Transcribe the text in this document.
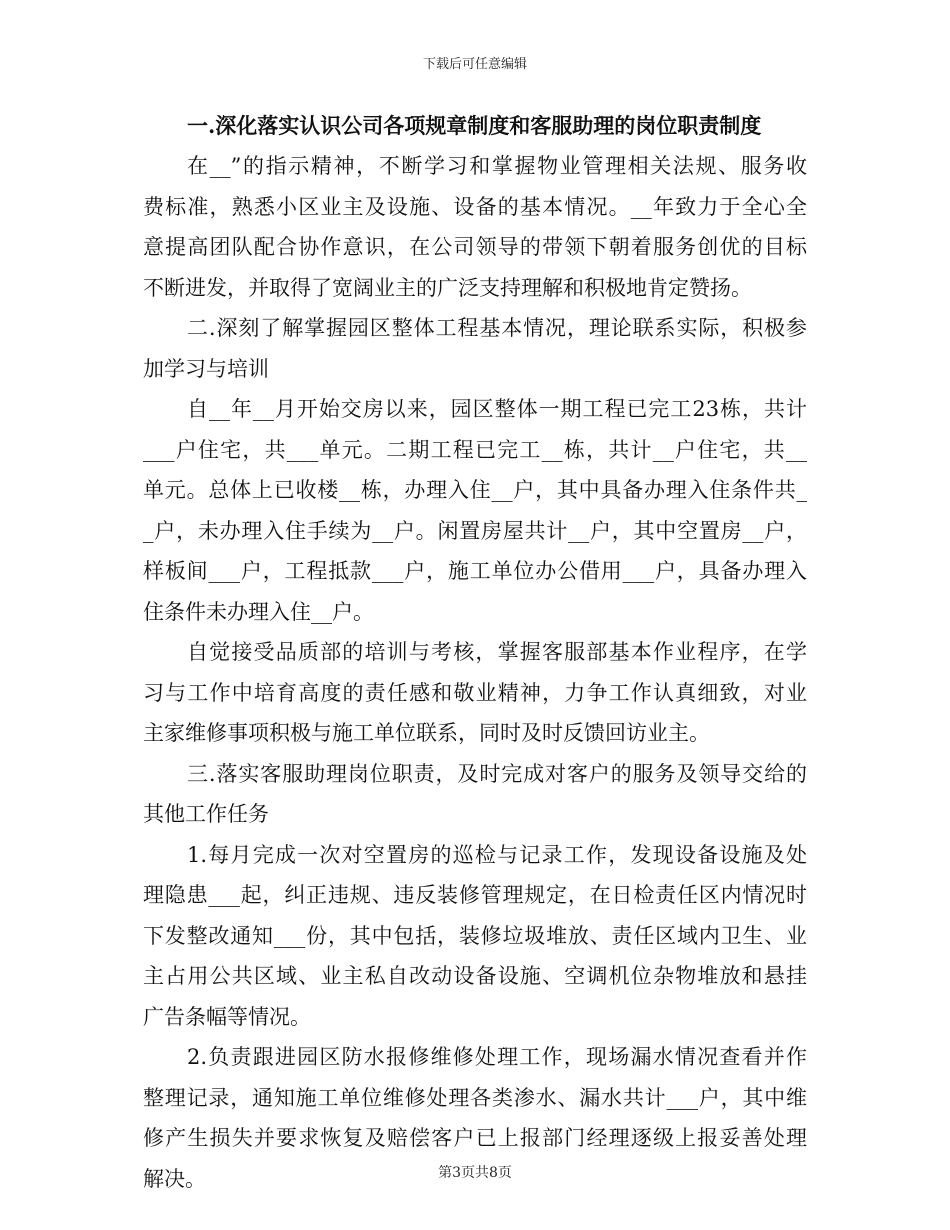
下载后可任意编辑
一.深化落实认识公司各项规章制度和客服助理的岗位职责制度
在__”的指示精神，不断学习和掌握物业管理相关法规、服务收
费标准，熟悉小区业主及设施、设备的基本情况。__年致力于全心全
意提高团队配合协作意识，在公司领导的带领下朝着服务创优的目标
不断进发，并取得了宽阔业主的广泛支持理解和积极地肯定赞扬。
二.深刻了解掌握园区整体工程基本情况，理论联系实际，积极参
加学习与培训
自__年__月开始交房以来，园区整体一期工程已完工23栋，共计
___户住宅，共___单元。二期工程已完工__栋，共计__户住宅，共__
单元。总体上已收楼__栋，办理入住__户，其中具备办理入住条件共_
_户，未办理入住手续为__户。闲置房屋共计__户，其中空置房__户，
样板间___户，工程抵款___户，施工单位办公借用___户，具备办理入
住条件未办理入住__户。
自觉接受品质部的培训与考核，掌握客服部基本作业程序，在学
习与工作中培育高度的责任感和敬业精神，力争工作认真细致，对业
主家维修事项积极与施工单位联系，同时及时反馈回访业主。
三.落实客服助理岗位职责，及时完成对客户的服务及领导交给的
其他工作任务
1.每月完成一次对空置房的巡检与记录工作，发现设备设施及处
理隐患___起，纠正违规、违反装修管理规定，在日检责任区内情况时
下发整改通知___份，其中包括，装修垃圾堆放、责任区域内卫生、业
主占用公共区域、业主私自改动设备设施、空调机位杂物堆放和悬挂
广告条幅等情况。
2.负责跟进园区防水报修维修处理工作，现场漏水情况查看并作
整理记录，通知施工单位维修处理各类渗水、漏水共计___户，其中维
修产生损失并要求恢复及赔偿客户已上报部门经理逐级上报妥善处理
解决。	第3页共8页
